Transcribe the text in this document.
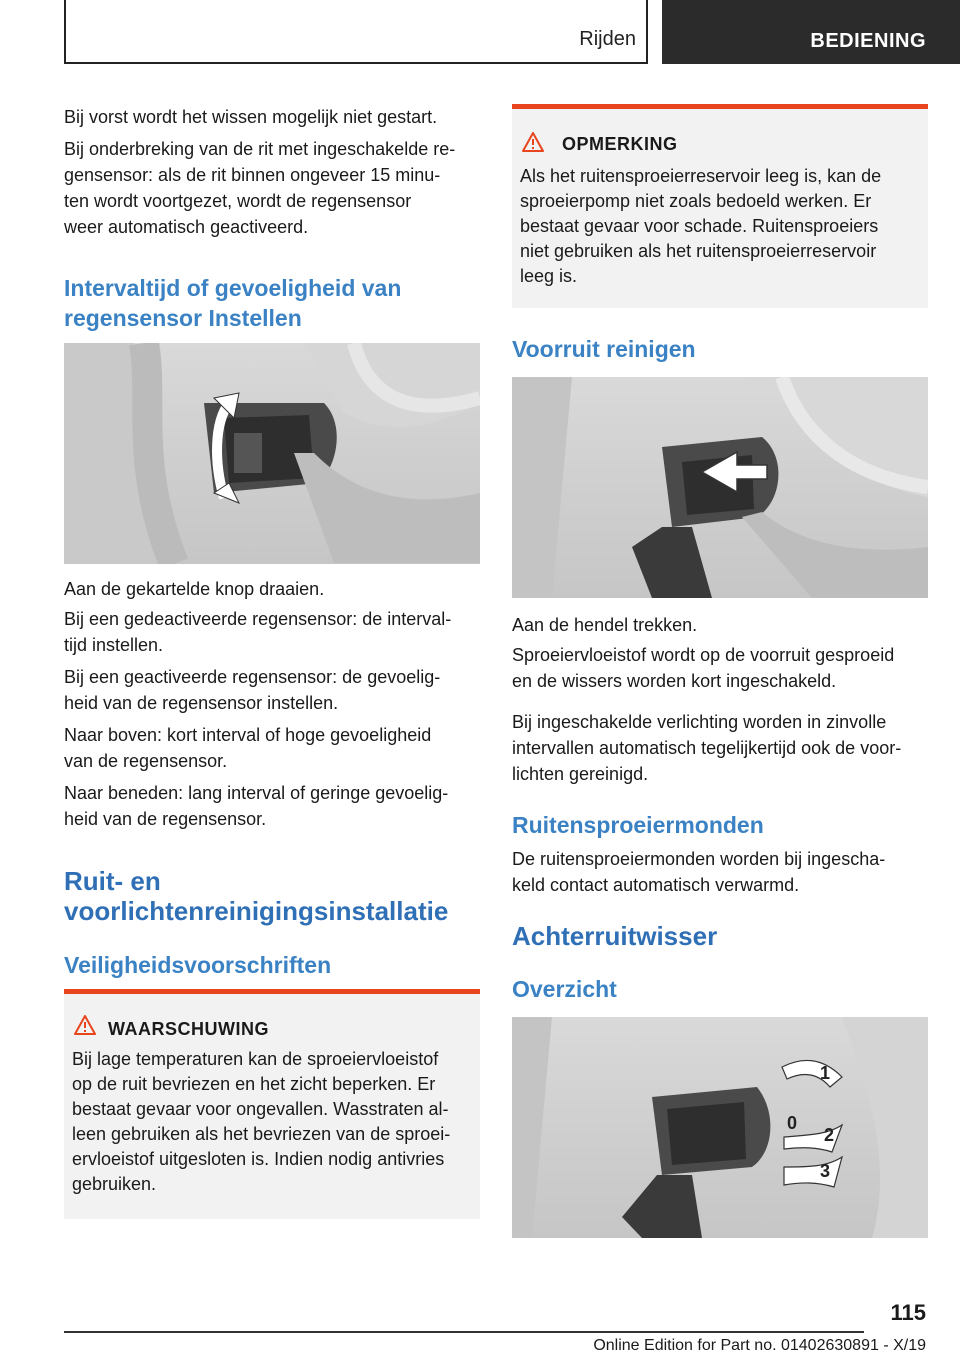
Rijden	BEDIENING

Bij vorst wordt het wissen mogelijk niet gestart.

Bij onderbreking van de rit met ingeschakelde re-

gensensor: als de rit binnen ongeveer 15 minu-

ten wordt voortgezet, wordt de regensensor

weer automatisch geactiveerd.

Intervaltijd of gevoeligheid van

regensensor Instellen

Aan de gekartelde knop draaien.

Bij een gedeactiveerde regensensor: de interval-

tijd instellen.

Bij een geactiveerde regensensor: de gevoelig-

heid van de regensensor instellen.

Naar boven: kort interval of hoge gevoeligheid

van de regensensor.

Naar beneden: lang interval of geringe gevoelig-

heid van de regensensor.

Ruit- en

voorlichtenreinigingsinstallatie

Veiligheidsvoorschriften

WAARSCHUWING
Bij lage temperaturen kan de sproeiervloeistof
op de ruit bevriezen en het zicht beperken. Er
bestaat gevaar voor ongevallen. Wasstraten al-
leen gebruiken als het bevriezen van de sproei-
ervloeistof uitgesloten is. Indien nodig antivries
gebruiken.
OPMERKING
Als het ruitensproeierreservoir leeg is, kan de
sproeierpomp niet zoals bedoeld werken. Er
bestaat gevaar voor schade. Ruitensproeiers
niet gebruiken als het ruitensproeierreservoir
leeg is.

Voorruit reinigen

Aan de hendel trekken.

Sproeiervloeistof wordt op de voorruit gesproeid

en de wissers worden kort ingeschakeld.

Bij ingeschakelde verlichting worden in zinvolle

intervallen automatisch tegelijkertijd ook de voor-

lichten gereinigd.

Ruitensproeiermonden

De ruitensproeiermonden worden bij ingescha-

keld contact automatisch verwarmd.

Achterruitwisser

Overzicht

1
0
2
3
115
Online Edition for Part no. 01402630891 - X/19
